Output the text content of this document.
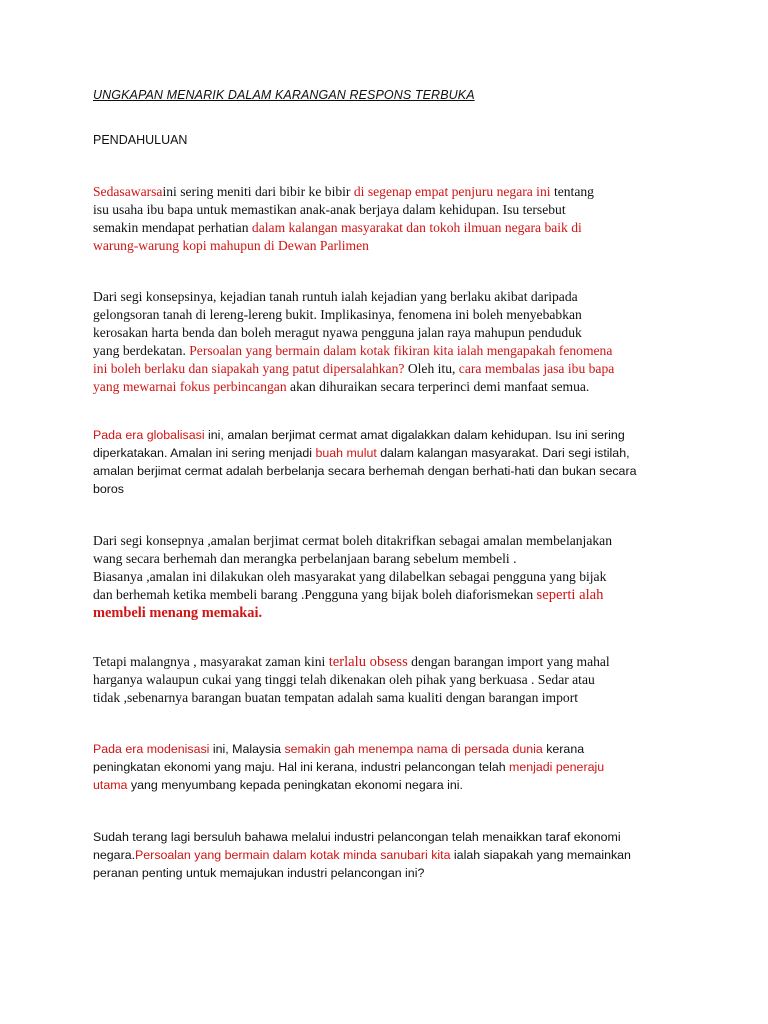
UNGKAPAN MENARIK DALAM KARANGAN RESPONS TERBUKA
PENDAHULUAN
Sedasawarsaini sering meniti dari bibir ke bibir di segenap empat penjuru negara ini tentang
isu usaha ibu bapa untuk memastikan anak-anak berjaya dalam kehidupan. Isu tersebut
semakin mendapat perhatian dalam kalangan masyarakat dan tokoh ilmuan negara baik di
warung-warung kopi mahupun di Dewan Parlimen
Dari segi konsepsinya, kejadian tanah runtuh ialah kejadian yang berlaku akibat daripada
gelongsoran tanah di lereng-lereng bukit. Implikasinya, fenomena ini boleh menyebabkan
kerosakan harta benda dan boleh meragut nyawa pengguna jalan raya mahupun penduduk
yang berdekatan. Persoalan yang bermain dalam kotak fikiran kita ialah mengapakah fenomena
ini boleh berlaku dan siapakah yang patut dipersalahkan? Oleh itu, cara membalas jasa ibu bapa
yang mewarnai fokus perbincangan akan dihuraikan secara terperinci demi manfaat semua.
Pada era globalisasi ini, amalan berjimat cermat amat digalakkan dalam kehidupan. Isu ini sering
diperkatakan. Amalan ini sering menjadi buah mulut dalam kalangan masyarakat. Dari segi istilah,
amalan berjimat cermat adalah berbelanja secara berhemah dengan berhati-hati dan bukan secara
boros
Dari segi konsepnya ,amalan berjimat cermat boleh ditakrifkan sebagai amalan membelanjakan
wang secara berhemah dan merangka perbelanjaan barang sebelum membeli .
Biasanya ,amalan ini dilakukan oleh masyarakat yang dilabelkan sebagai pengguna yang bijak
dan berhemah ketika membeli barang .Pengguna yang bijak boleh diaforismekan seperti alah
membeli menang memakai.
Tetapi malangnya , masyarakat zaman kini terlalu obsess dengan barangan import yang mahal
harganya walaupun cukai yang tinggi telah dikenakan oleh pihak yang berkuasa . Sedar atau
tidak ,sebenarnya barangan buatan tempatan adalah sama kualiti dengan barangan import
Pada era modenisasi ini, Malaysia semakin gah menempa nama di persada dunia kerana
peningkatan ekonomi yang maju. Hal ini kerana, industri pelancongan telah menjadi peneraju
utama yang menyumbang kepada peningkatan ekonomi negara ini.
Sudah terang lagi bersuluh bahawa melalui industri pelancongan telah menaikkan taraf ekonomi
negara.Persoalan yang bermain dalam kotak minda sanubari kita ialah siapakah yang memainkan
peranan penting untuk memajukan industri pelancongan ini?
